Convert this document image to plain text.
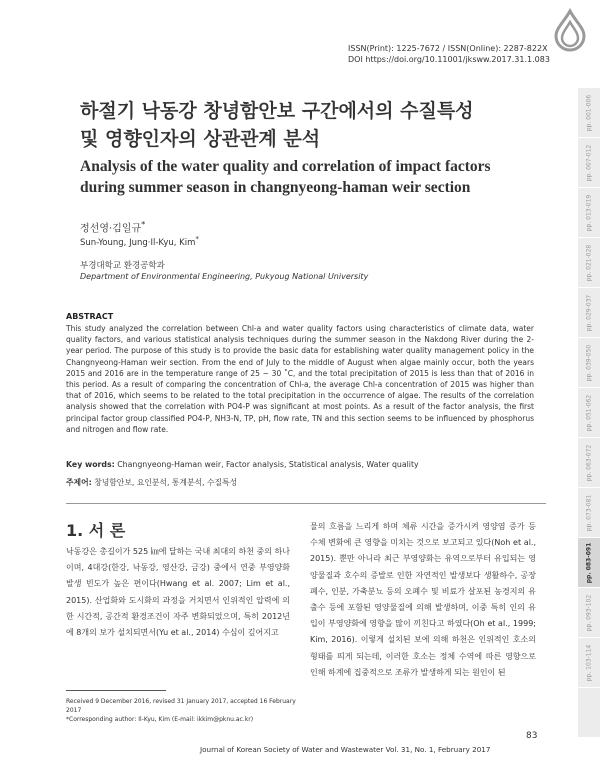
ISSN(Print): 1225-7672 / ISSN(Online): 2287-822X
DOI https://doi.org/10.11001/jksww.2017.31.1.083
pp. 001-006
pp. 007-012
pp. 013-019
pp. 021-028
pp. 029-037
pp. 039-050
pp. 051-062
pp. 063-072
pp. 073-081
pp. 083-091
pp. 093-102
pp. 103-114
하절기 낙동강 창녕함안보 구간에서의 수질특성
및 영향인자의 상관관계 분석
Analysis of the water quality and correlation of impact factors
during summer season in changnyeong-haman weir section
정선영·김일규*
Sun-Young, Jung·Il-Kyu, Kim*
부경대학교 환경공학과
Department of Environmental Engineering, Pukyoug National University
ABSTRACT

This study analyzed the correlation between Chl-a and water quality factors using characteristics of climate data, water quality factors, and various statistical analysis techniques during the summer season in the Nakdong River during the 2-year period. The purpose of this study is to provide the basic data for establishing water quality management policy in the Changnyeong-Haman weir section. From the end of July to the middle of August when algae mainly occur, both the years 2015 and 2016 are in the temperature range of 25 ~ 30 ˚C, and the total precipitation of 2015 is less than that of 2016 in this period. As a result of comparing the concentration of Chl-a, the average Chl-a concentration of 2015 was higher than that of 2016, which seems to be related to the total precipitation in the occurrence of algae. The results of the correlation analysis showed that the correlation with PO4-P was significant at most points. As a result of the factor analysis, the first principal factor group classified PO4-P, NH3-N, TP, pH, flow rate, TN and this section seems to be influenced by phosphorus and nitrogen and flow rate.

Key words: Changnyeong-Haman weir, Factor analysis, Statistical analysis, Water quality
주제어: 창녕함안보, 요인분석, 통계분석, 수질특성
1. 서 론

낙동강은 총길이가 525 ㎞에 달하는 국내 최대의 하천 중의 하나이며, 4대강(한강, 낙동강, 영산강, 금강) 중에서 연중 부영양화 발생 빈도가 높은 편이다(Hwang et al. 2007; Lim et al., 2015). 산업화와 도시화의 과정을 거치면서 인위적인 압력에 의한 시간적, 공간적 환경조건이 자주 변화되었으며, 특히 2012년에 8개의 보가 설치되면서(Yu et al., 2014) 수심이 깊어지고

물의 흐름을 느리게 하며 체류 시간을 증가시켜 영양염 증가 등 수체 변화에 큰 영향을 미치는 것으로 보고되고 있다(Noh et al., 2015). 뿐만 아니라 최근 부영양화는 유역으로부터 유입되는 영양물질과 호수의 증발로 인한 자연적인 발생보다 생활하수, 공장폐수, 인분, 가축분뇨 등의 오폐수 및 비료가 살포된 농경지의 유출수 등에 포함된 영양물질에 의해 발생하며, 이중 특히 인의 유입이 부영양화에 영향을 많이 끼친다고 하였다(Oh et al., 1999; Kim, 2016). 이렇게 설치된 보에 의해 하천은 인위적인 호소의 형태를 띄게 되는데, 이러한 호소는 정체 수역에 따른 영향으로 인해 하계에 집중적으로 조류가 발생하게 되는 원인이 된

Received 9 December 2016, revised 31 January 2017, accepted 16 February 2017
*Corresponding author: Il-Kyu, Kim (E-mail: ikkim@pknu.ac.kr)
83
Journal of Korean Society of Water and Wastewater Vol. 31, No. 1, February 2017
